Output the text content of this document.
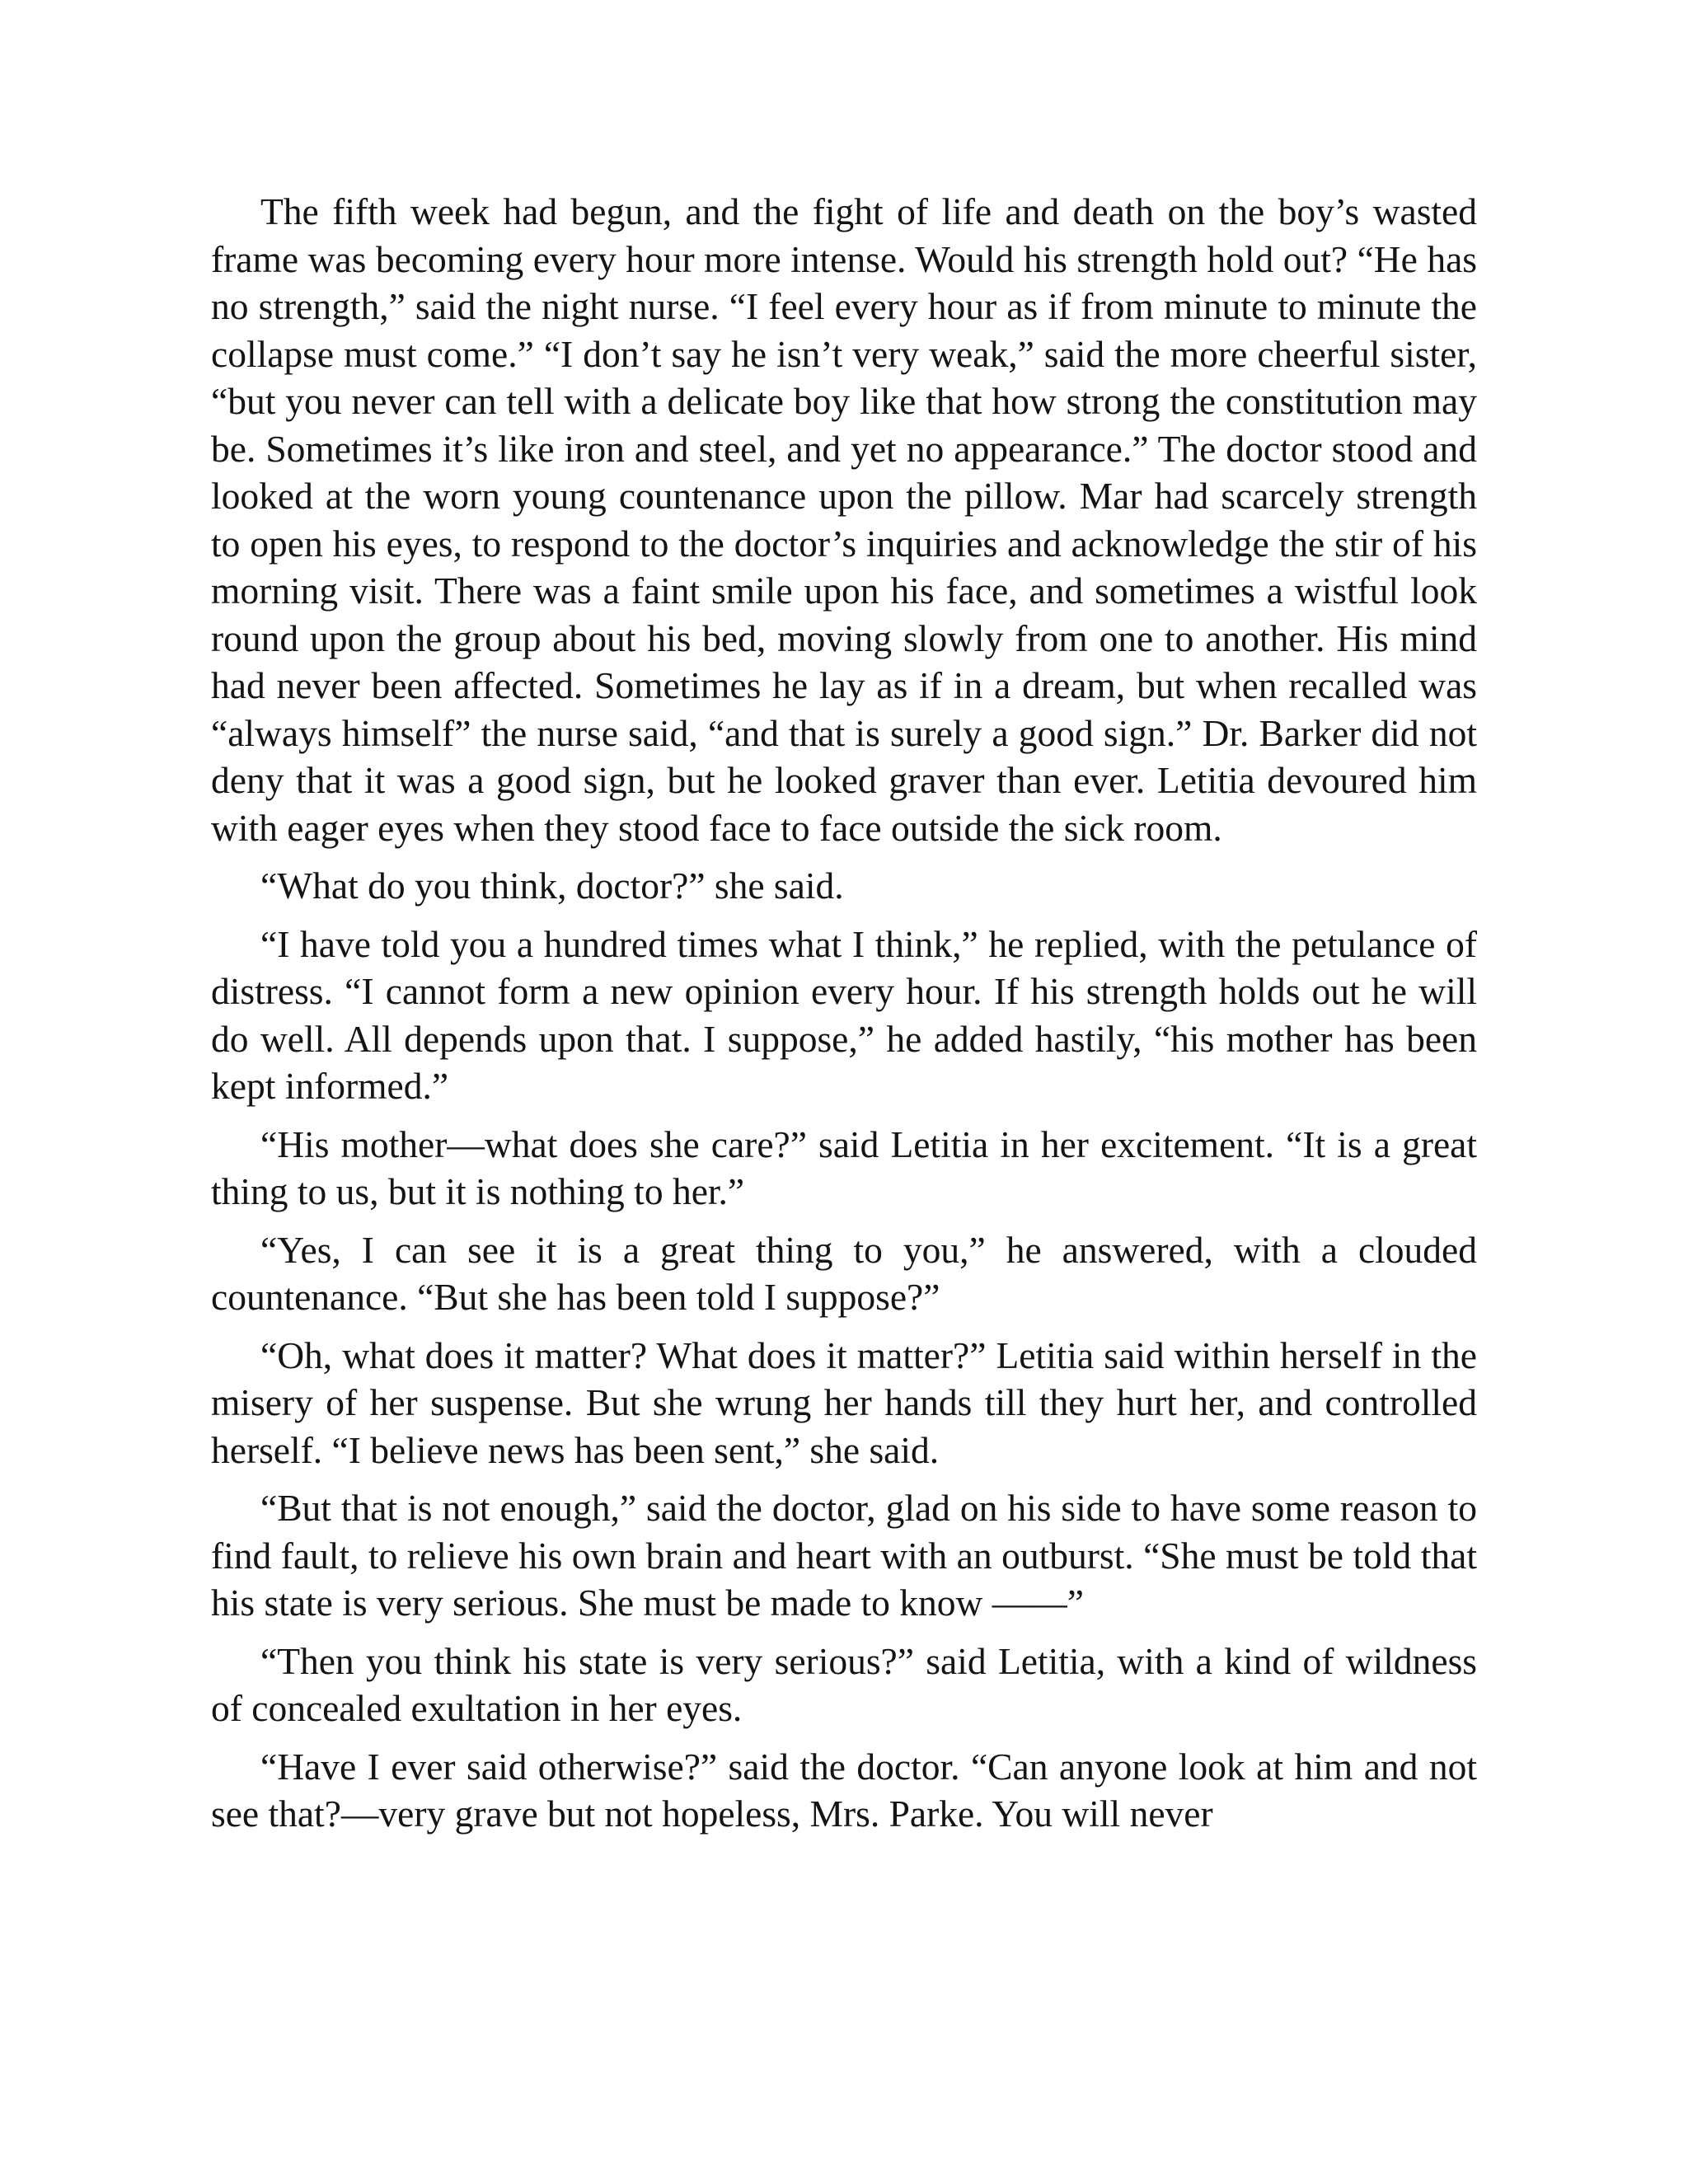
The fifth week had begun, and the fight of life and death on the boy’s wasted frame was becoming every hour more intense. Would his strength hold out? “He has no strength,” said the night nurse. “I feel every hour as if from minute to minute the collapse must come.” “I don’t say he isn’t very weak,” said the more cheerful sister, “but you never can tell with a delicate boy like that how strong the constitution may be. Sometimes it’s like iron and steel, and yet no appearance.” The doctor stood and looked at the worn young countenance upon the pillow. Mar had scarcely strength to open his eyes, to respond to the doctor’s inquiries and acknowledge the stir of his morning visit. There was a faint smile upon his face, and sometimes a wistful look round upon the group about his bed, moving slowly from one to another. His mind had never been affected. Sometimes he lay as if in a dream, but when recalled was “always himself” the nurse said, “and that is surely a good sign.” Dr. Barker did not deny that it was a good sign, but he looked graver than ever. Letitia devoured him with eager eyes when they stood face to face outside the sick room.

“What do you think, doctor?” she said.

“I have told you a hundred times what I think,” he replied, with the petulance of distress. “I cannot form a new opinion every hour. If his strength holds out he will do well. All depends upon that. I suppose,” he added hastily, “his mother has been kept informed.”

“His mother—what does she care?” said Letitia in her excitement. “It is a great thing to us, but it is nothing to her.”

“Yes, I can see it is a great thing to you,” he answered, with a clouded countenance. “But she has been told I suppose?”

“Oh, what does it matter? What does it matter?” Letitia said within herself in the misery of her suspense. But she wrung her hands till they hurt her, and controlled herself. “I believe news has been sent,” she said.

“But that is not enough,” said the doctor, glad on his side to have some reason to find fault, to relieve his own brain and heart with an outburst. “She must be told that his state is very serious. She must be made to know ——”

“Then you think his state is very serious?” said Letitia, with a kind of wildness of concealed exultation in her eyes.

“Have I ever said otherwise?” said the doctor. “Can anyone look at him and not see that?—very grave but not hopeless, Mrs. Parke. You will never
